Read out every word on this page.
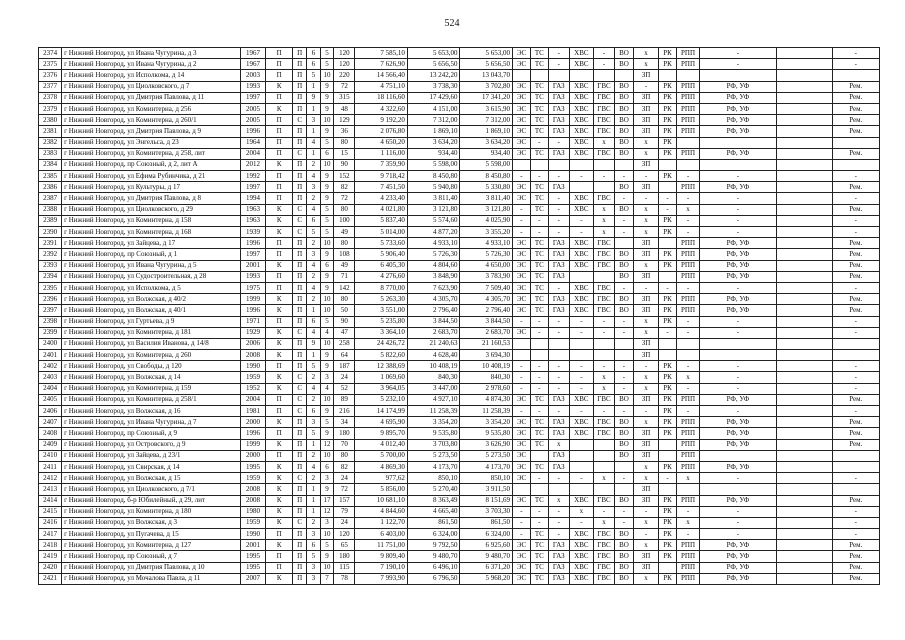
524
2374	г Нижний Новгород, ул Ивана Чугурина, д 3	1967	П	П	6	5	120	7 585,10	5 653,00	5 653,00	ЭС	ТС	-	ХВС	-	ВО	х	РК	РПП	-		-
2375	г Нижний Новгород, ул Ивана Чугурина, д 2	1967	П	П	6	5	120	7 626,90	5 656,50	5 656,50	ЭС	ТС	-	ХВС	-	ВО	х	РК	РПП	-		-
2376	г Нижний Новгород, ул Исполкома, д 14	2003	П	П	5	10	220	14 566,40	13 242,20	13 043,70							ЗП					
2377	г Нижний Новгород, ул Циолковского, д 7	1993	К	П	1	9	72	4 751,10	3 738,30	3 702,80	ЭС	ТС	ГАЗ	ХВС	ГВС	ВО	-	РК	РПП	РФ, УФ		Рем.
2378	г Нижний Новгород, ул Дмитрия Павлова, д 11	1997	П	П	9	9	315	18 116,60	17 429,60	17 341,20	ЭС	ТС	ГАЗ	ХВС	ГВС	ВО	ЗП	РК	РПП	РФ, УФ		Рем.
2379	г Нижний Новгород, ул Коминтерна, д 256	2005	К	П	1	9	48	4 322,60	4 151,00	3 615,90	ЭС	ТС	ГАЗ	ХВС	ГВС	ВО	ЗП	РК	РПП	РФ, УФ		Рем.
2380	г Нижний Новгород, ул Коминтерна, д 260/1	2005	П	С	3	10	129	9 192,20	7 312,00	7 312,00	ЭС	ТС	ГАЗ	ХВС	ГВС	ВО	ЗП	РК	РПП	РФ, УФ		Рем.
2381	г Нижний Новгород, ул Дмитрия Павлова, д 9	1996	П	П	1	9	36	2 076,80	1 869,10	1 869,10	ЭС	ТС	ГАЗ	ХВС	ГВС	ВО	ЗП	РК	РПП	РФ, УФ		Рем.
2382	г Нижний Новгород, ул Энгельса, д 23	1964	П	П	4	5	80	4 650,20	3 634,20	3 634,20	ЭС	-	-	ХВС	х	ВО	х	РК				
2383	г Нижний Новгород, ул Коминтерна, д 258, лит	2004	П	С	1	6	15	1 116,00	934,40	934,40	ЭС	ТС	ГАЗ	ХВС	ГВС	ВО	х	РК	РПП	РФ, УФ		Рем.
2384	г Нижний Новгород, пр Союзный, д 2, лит А	2012	К	П	2	10	90	7 359,90	5 598,00	5 598,00							ЗП					
2385	г Нижний Новгород, ул Ефима Рубинчика, д 21	1992	П	П	4	9	152	9 718,42	8 450,80	8 450,80	-	-	-	-	-	-	-	РК	-	-		-
2386	г Нижний Новгород, ул Культуры, д 17	1997	П	П	3	9	82	7 451,50	5 940,80	5 330,80	ЭС	ТС	ГАЗ			ВО	ЗП		РПП	РФ, УФ		Рем.
2387	г Нижний Новгород, ул Дмитрия Павлова, д 8	1994	П	П	2	9	72	4 233,40	3 811,40	3 811,40	ЭС	ТС	-	ХВС	ГВС	-	-	-	-	-		-
2388	г Нижний Новгород, ул Циолковского, д 29	1963	К	С	4	5	80	4 021,80	3 121,80	3 121,80	-	ТС	-	ХВС	х	ВО	х	-	х	-		Рем.
2389	г Нижний Новгород, ул Коминтерна, д 158	1963	К	С	6	5	100	5 837,40	5 574,60	4 025,90	-	-	-	-	х	-	х	РК	-	-		-
2390	г Нижний Новгород, ул Коминтерна, д 168	1939	К	С	5	5	49	5 014,00	4 877,20	3 355,20	-	-	-	-	х	-	х	РК	-	-		-
2391	г Нижний Новгород, ул Зайцева, д 17	1996	П	П	2	10	80	5 733,60	4 933,10	4 933,10	ЭС	ТС	ГАЗ	ХВС	ГВС		ЗП		РПП	РФ, УФ		Рем.
2392	г Нижний Новгород, пр Союзный, д 1	1997	П	П	3	9	108	5 906,40	5 726,30	5 726,30	ЭС	ТС	ГАЗ	ХВС	ГВС	ВО	ЗП	РК	РПП	РФ, УФ		Рем.
2393	г Нижний Новгород, ул Ивана Чугурина, д 5	2001	К	П	4	6	49	6 405,30	4 804,60	4 650,00	ЭС	ТС	ГАЗ	ХВС	ГВС	ВО	х	РК	РПП	РФ, УФ		Рем.
2394	г Нижний Новгород, ул Судостроительная, д 28	1993	П	П	2	9	71	4 276,60	3 848,90	3 783,90	ЭС	ТС	ГАЗ			ВО	ЗП		РПП	РФ, УФ		Рем.
2395	г Нижний Новгород, ул Исполкома, д 5	1975	П	П	4	9	142	8 770,00	7 623,90	7 509,40	ЭС	ТС	-	ХВС	ГВС	-	-	-	-	-		-
2396	г Нижний Новгород, ул Волжская, д 40/2	1999	К	П	2	10	80	5 263,30	4 305,70	4 305,70	ЭС	ТС	ГАЗ	ХВС	ГВС	ВО	ЗП	РК	РПП	РФ, УФ		Рем.
2397	г Нижний Новгород, ул Волжская, д 40/1	1996	К	П	1	10	50	3 551,00	2 796,40	2 796,40	ЭС	ТС	ГАЗ	ХВС	ГВС	ВО	ЗП	РК	РПП	РФ, УФ		Рем.
2398	г Нижний Новгород, ул Гуртьева, д 9	1971	П	П	6	5	90	5 235,80	3 844,50	3 844,50	-	-	-	-	-	-	х	РК	-	-		-
2399	г Нижний Новгород, ул Коминтерна, д 181	1929	К	С	4	4	47	3 364,10	2 683,70	2 683,70	ЭС	-	-	-	-	-	х	-	-	-		-
2400	г Нижний Новгород, ул Василия Иванова, д 14/8	2006	К	П	9	10	258	24 426,72	21 240,63	21 160,53							ЗП					
2401	г Нижний Новгород, ул Коминтерна, д 260	2008	К	П	1	9	64	5 822,60	4 628,40	3 694,30							ЗП					
2402	г Нижний Новгород, ул Свободы, д 120	1990	П	П	5	9	187	12 388,69	10 408,19	10 408,19	-	-	-	-	-	-	-	РК	-	-		-
2403	г Нижний Новгород, ул Волжская, д 14	1959	К	С	2	3	24	1 069,60	840,30	840,30	-	-	-	-	х	-	х	РК	х	-		-
2404	г Нижний Новгород, ул Коминтерна, д 159	1952	К	С	4	4	52	3 964,05	3 447,00	2 978,60	-	-	-	-	х	-	х	РК	-	-		-
2405	г Нижний Новгород, ул Коминтерна, д 258/1	2004	П	С	2	10	89	5 232,10	4 927,10	4 874,30	ЭС	ТС	ГАЗ	ХВС	ГВС	ВО	ЗП	РК	РПП	РФ, УФ		Рем.
2406	г Нижний Новгород, ул Волжская, д 16	1981	П	С	6	9	216	14 174,99	11 258,39	11 258,39	-	-	-	-	-	-	-	РК	-	-		-
2407	г Нижний Новгород, ул Ивана Чугурина, д 7	2000	К	П	3	5	34	4 695,90	3 354,20	3 354,20	ЭС	ТС	ГАЗ	ХВС	ГВС	ВО	х	РК	РПП	РФ, УФ		Рем.
2408	г Нижний Новгород, пр Союзный, д 9	1996	П	П	5	9	180	9 895,70	9 535,80	9 535,80	ЭС	ТС	ГАЗ	ХВС	ГВС	ВО	ЗП	РК	РПП	РФ, УФ		Рем.
2409	г Нижний Новгород, ул Островского, д 9	1999	К	П	1	12	70	4 012,40	3 703,80	3 626,90	ЭС	ТС	х			ВО	ЗП		РПП	РФ, УФ		Рем.
2410	г Нижний Новгород, ул Зайцева, д 23/1	2000	П	П	2	10	80	5 700,00	5 273,50	5 273,50	ЭС		ГАЗ			ВО	ЗП		РПП			
2411	г Нижний Новгород, ул Свирская, д 14	1995	К	П	4	6	82	4 869,30	4 173,70	4 173,70	ЭС	ТС	ГАЗ				х	РК	РПП	РФ, УФ		
2412	г Нижний Новгород, ул Волжская, д 15	1959	К	С	2	3	24	977,62	850,10	850,10	ЭС	-	-	-	х	-	х	-	х	-		-
2413	г Нижний Новгород, ул Циолковского, д 7/1	2008	К	П	1	9	72	5 856,00	5 270,40	3 911,50							ЗП					
2414	г Нижний Новгород, б-р Юбилейный, д 29, лит	2008	К	П	1	17	157	10 681,10	8 363,49	8 151,69	ЭС	ТС	х	ХВС	ГВС	ВО	ЗП	РК	РПП	РФ, УФ		Рем.
2415	г Нижний Новгород, ул Коминтерна, д 180	1980	К	П	1	12	79	4 844,60	4 665,40	3 703,30	-	-	-	х	-	-	-	РК	-	-		-
2416	г Нижний Новгород, ул Волжская, д 3	1959	К	С	2	3	24	1 122,70	861,50	861,50	-	-	-	-	х	-	х	РК	х	-		-
2417	г Нижний Новгород, ул Пугачева, д 15	1990	П	П	3	10	120	6 403,00	6 324,00	6 324,00	-	ТС	-	ХВС	ГВС	ВО	-	РК	-	-		-
2418	г Нижний Новгород, ул Коминтерна, д 127	2001	К	П	6	5	65	11 751,00	9 792,50	6 925,60	ЭС	ТС	ГАЗ	ХВС	ГВС	ВО	х	РК	РПП	РФ, УФ		Рем.
2419	г Нижний Новгород, пр Союзный, д 7	1995	П	П	5	9	180	9 809,40	9 480,70	9 480,70	ЭС	ТС	ГАЗ	ХВС	ГВС	ВО	ЗП	РК	РПП	РФ, УФ		Рем.
2420	г Нижний Новгород, ул Дмитрия Павлова, д 10	1995	П	П	3	10	115	7 190,10	6 496,10	6 371,20	ЭС	ТС	ГАЗ	ХВС	ГВС	ВО	ЗП		РПП	РФ, УФ		Рем.
2421	г Нижний Новгород, ул Мочалова Павла, д 11	2007	К	П	3	7	78	7 993,90	6 796,50	5 968,20	ЭС	ТС	ГАЗ	ХВС	ГВС	ВО	х	РК	РПП	РФ, УФ		Рем.
